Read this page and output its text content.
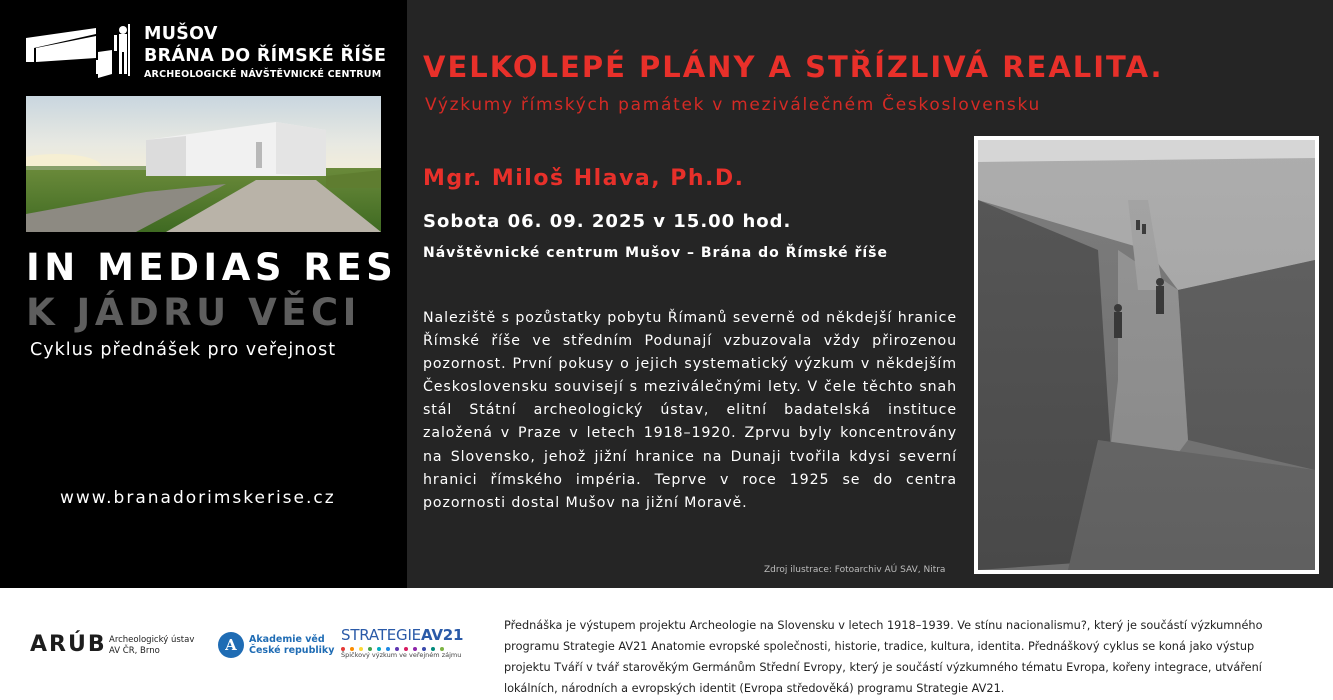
MUŠOV
BRÁNA DO ŘÍMSKÉ ŘÍŠE
ARCHEOLOGICKÉ NÁVŠTĚVNICKÉ CENTRUM
IN MEDIAS RES
K JÁDRU VĚCI
Cyklus přednášek pro veřejnost
www.branadorimskerise.cz
VELKOLEPÉ PLÁNY A STŘÍZLIVÁ REALITA.
Výzkumy římských památek v meziválečném Československu
Mgr. Miloš Hlava, Ph.D.
Sobota 06. 09. 2025 v 15.00 hod.
Návštěvnické centrum Mušov – Brána do Římské říše
Naleziště s pozůstatky pobytu Římanů severně od někdejší hranice Římské říše ve středním Podunají vzbuzovala vždy přirozenou pozornost. První pokusy o jejich systematický výzkum v někdejším Československu souvisejí s meziválečnými lety. V čele těchto snah stál Státní archeologický ústav, elitní badatelská instituce založená v Praze v letech 1918–1920. Zprvu byly koncentrovány na Slovensko, jehož jižní hranice na Dunaji tvořila kdysi severní hranici římského impéria. Teprve v roce 1925 se do centra pozornosti dostal Mušov na jižní Moravě.
Zdroj ilustrace: Fotoarchiv AÚ SAV, Nitra
ARÚB Archeologický ústav
AV ČR, Brno	A	Akademie věd
České republiky
STRATEGIEAV21
Špičkový výzkum ve veřejném zájmu
Přednáška je výstupem projektu Archeologie na Slovensku v letech 1918–1939. Ve stínu nacionalismu?, který je součástí výzkumného programu Strategie AV21 Anatomie evropské společnosti, historie, tradice, kultura, identita. Přednáškový cyklus se koná jako výstup projektu Tváří v tvář starověkým Germánům Střední Evropy, který je součástí výzkumného tématu Evropa, kořeny integrace, utváření lokálních, národních a evropských identit (Evropa středověká) programu Strategie AV21.
